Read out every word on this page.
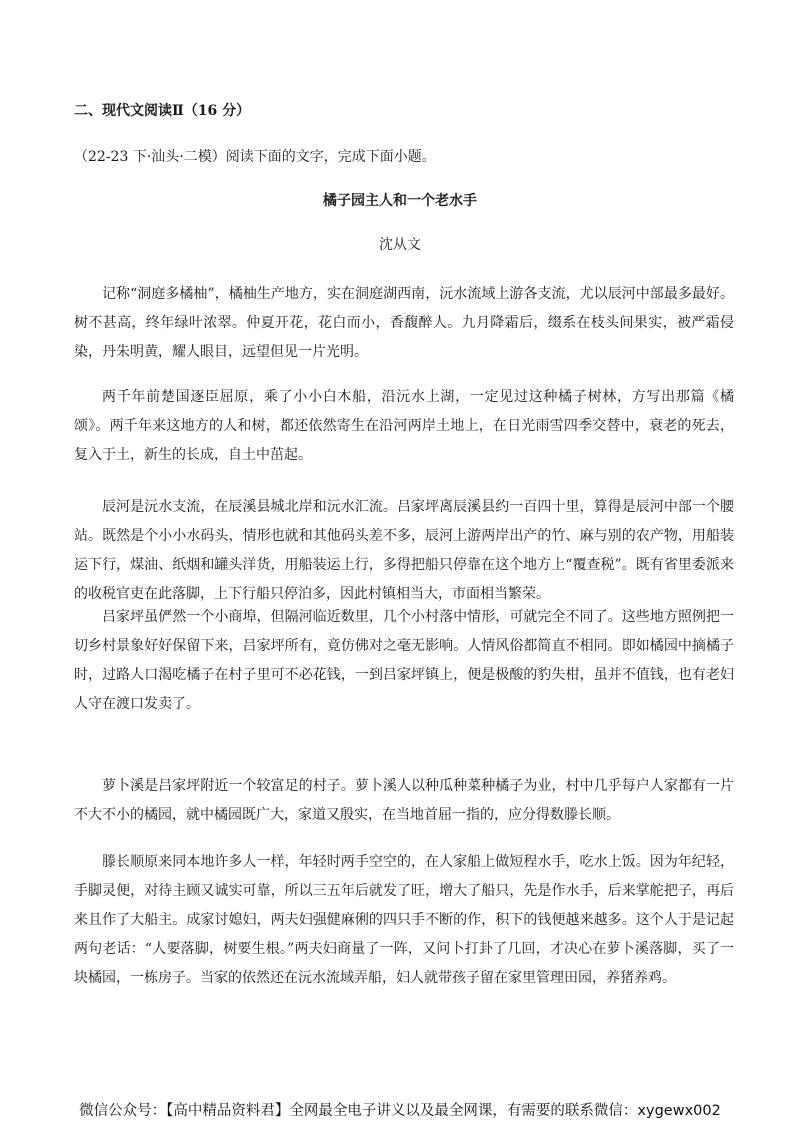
二、现代文阅读Ⅱ（16 分）

（22-23 下·汕头·二模）阅读下面的文字，完成下面小题。

橘子园主人和一个老水手

沈从文

记称“洞庭多橘柚”，橘柚生产地方，实在洞庭湖西南，沅水流域上游各支流，尤以辰河中部最多最好。树不甚高，终年绿叶浓翠。仲夏开花，花白而小，香馥醉人。九月降霜后，缀系在枝头间果实，被严霜侵染，丹朱明黄，耀人眼目，远望但见一片光明。

两千年前楚国逐臣屈原，乘了小小白木船，沿沅水上湖，一定见过这种橘子树林，方写出那篇《橘颂》。两千年来这地方的人和树，都还依然寄生在沿河两岸土地上，在日光雨雪四季交替中，衰老的死去，复入于土，新生的长成，自土中茁起。

辰河是沅水支流，在辰溪县城北岸和沅水汇流。吕家坪离辰溪县约一百四十里，算得是辰河中部一个腰站。既然是个小小水码头，情形也就和其他码头差不多，辰河上游两岸出产的竹、麻与别的农产物，用船装运下行，煤油、纸烟和罐头洋货，用船装运上行，多得把船只停靠在这个地方上“覆查税”。既有省里委派来的收税官吏在此落脚，上下行船只停泊多，因此村镇相当大，市面相当繁荣。

吕家坪虽俨然一个小商埠，但隔河临近数里，几个小村落中情形，可就完全不同了。这些地方照例把一切乡村景象好好保留下来，吕家坪所有，竟仿佛对之毫无影响。人情风俗都简直不相同。即如橘园中摘橘子时，过路人口渴吃橘子在村子里可不必花钱，一到吕家坪镇上，便是极酸的豹失柑，虽并不值钱，也有老妇人守在渡口发卖了。

萝卜溪是吕家坪附近一个较富足的村子。萝卜溪人以种瓜种菜种橘子为业，村中几乎每户人家都有一片不大不小的橘园，就中橘园既广大，家道又殷实，在当地首屈一指的，应分得数滕长顺。

滕长顺原来同本地许多人一样，年轻时两手空空的，在人家船上做短程水手，吃水上饭。因为年纪轻，手脚灵便，对待主顾又诚实可靠，所以三五年后就发了旺，增大了船只，先是作水手，后来掌舵把子，再后来且作了大船主。成家讨媳妇，两夫妇强健麻俐的四只手不断的作，积下的钱便越来越多。这个人于是记起两句老话：“人要落脚，树要生根。”两夫妇商量了一阵，又问卜打卦了几回，才决心在萝卜溪落脚，买了一块橘园，一栋房子。当家的依然还在沅水流域弄船，妇人就带孩子留在家里管理田园，养猪养鸡。

微信公众号：【高中精品资料君】全网最全电子讲义以及最全网课，有需要的联系微信：xygewx002
